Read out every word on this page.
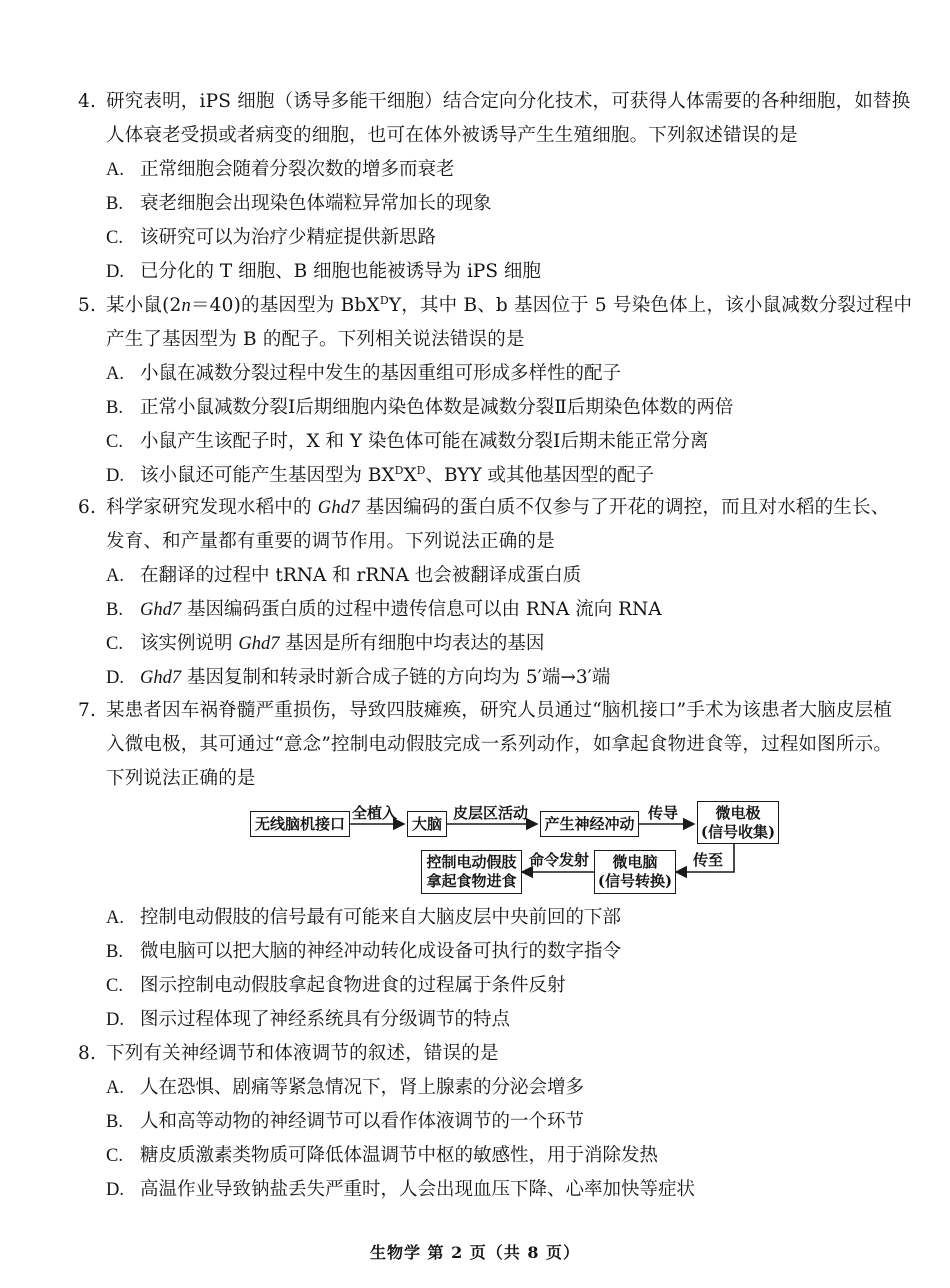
4. 研究表明，iPS 细胞（诱导多能干细胞）结合定向分化技术，可获得人体需要的各种细胞，如替换
人体衰老受损或者病变的细胞，也可在体外被诱导产生生殖细胞。下列叙述错误的是
A. 正常细胞会随着分裂次数的增多而衰老
B. 衰老细胞会出现染色体端粒异常加长的现象
C. 该研究可以为治疗少精症提供新思路
D. 已分化的 T 细胞、B 细胞也能被诱导为 iPS 细胞
5. 某小鼠(2n＝40)的基因型为 BbX$^D$Y，其中 B、b 基因位于 5 号染色体上，该小鼠减数分裂过程中
产生了基因型为 B 的配子。下列相关说法错误的是
A. 小鼠在减数分裂过程中发生的基因重组可形成多样性的配子
B. 正常小鼠减数分裂Ⅰ后期细胞内染色体数是减数分裂Ⅱ后期染色体数的两倍
C. 小鼠产生该配子时，X 和 Y 染色体可能在减数分裂Ⅰ后期未能正常分离
D. 该小鼠还可能产生基因型为 $BX^DX^D$、BYY 或其他基因型的配子
6. 科学家研究发现水稻中的 Ghd7 基因编码的蛋白质不仅参与了开花的调控，而且对水稻的生长、
发育、和产量都有重要的调节作用。下列说法正确的是
A. 在翻译的过程中 tRNA 和 rRNA 也会被翻译成蛋白质
B. Ghd7 基因编码蛋白质的过程中遗传信息可以由 RNA 流向 RNA
C. 该实例说明 Ghd7 基因是所有细胞中均表达的基因
D. Ghd7 基因复制和转录时新合成子链的方向均为 5′端→3′端
7. 某患者因车祸脊髓严重损伤，导致四肢瘫痪，研究人员通过“脑机接口”手术为该患者大脑皮层植
入微电极，其可通过“意念”控制电动假肢完成一系列动作，如拿起食物进食等，过程如图所示。
下列说法正确的是
无线脑机接口	大脑	产生神经冲动
微电极
(信号收集)
微电脑
(信号转换)
控制电动假肢
拿起食物进食
全植入	皮层区活动	传导
传至
命令发射
A. 控制电动假肢的信号最有可能来自大脑皮层中央前回的下部
B. 微电脑可以把大脑的神经冲动转化成设备可执行的数字指令
C. 图示控制电动假肢拿起食物进食的过程属于条件反射
D. 图示过程体现了神经系统具有分级调节的特点
8. 下列有关神经调节和体液调节的叙述，错误的是
A. 人在恐惧、剧痛等紧急情况下，肾上腺素的分泌会增多
B. 人和高等动物的神经调节可以看作体液调节的一个环节
C. 糖皮质激素类物质可降低体温调节中枢的敏感性，用于消除发热
D. 高温作业导致钠盐丢失严重时，人会出现血压下降、心率加快等症状
生物学 第 2 页（共 8 页）
